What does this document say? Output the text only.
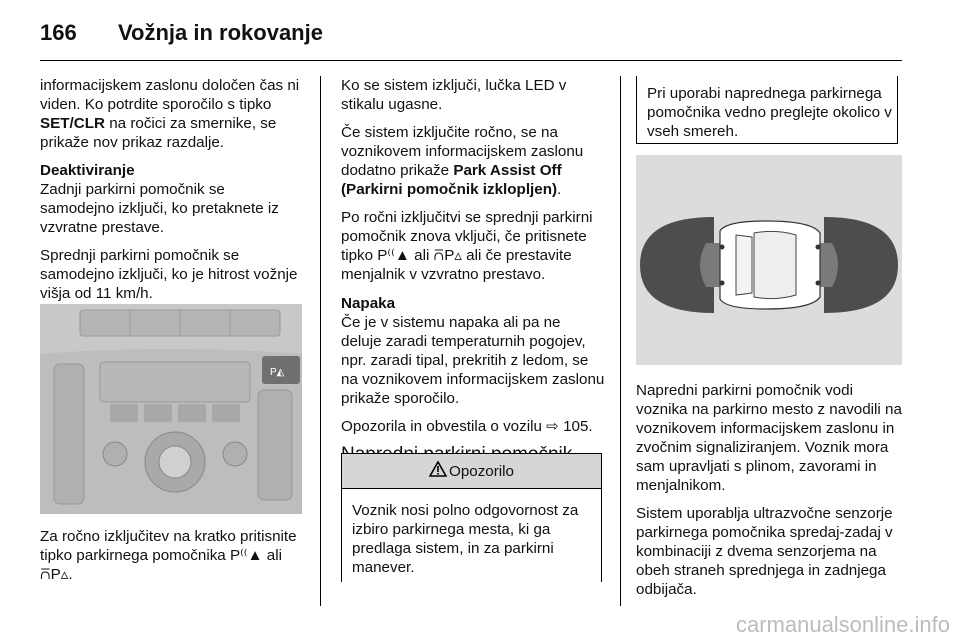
166 Vožnja in rokovanje

informacijskem zaslonu določen čas ni viden. Ko potrdite sporočilo s tipko SET/CLR na ročici za smernike, se prikaže nov prikaz razdalje.

Deaktiviranje

Zadnji parkirni pomočnik se samodejno izključi, ko pretaknete iz vzvratne prestave.

Sprednji parkirni pomočnik se samodejno izključi, ko je hitrost vožnje višja od 11 km/h.

P◭
Za ročno izključitev na kratko pritisnite tipko parkirnega pomočnika P⁽⁽▲ ali ⩃P▵.

Ko se sistem izključi, lučka LED v stikalu ugasne.

Če sistem izključite ročno, se na voznikovem informacijskem zaslonu dodatno prikaže Park Assist Off (Parkirni pomočnik izklopljen).

Po ročni izključitvi se sprednji parkirni pomočnik znova vključi, če pritisnete tipko P⁽⁽▲ ali ⩃P▵ ali če prestavite menjalnik v vzvratno prestavo.

Napaka

Če je v sistemu napaka ali pa ne deluje zaradi temperaturnih pogojev, npr. zaradi tipal, prekritih z ledom, se na voznikovem informacijskem zaslonu prikaže sporočilo.

Opozorila in obvestila o vozilu ⇨ 105.

Opozorilo
Voznik nosi polno odgovornost za izbiro parkirnega mesta, ki ga predlaga sistem, in za parkirni manever.
Pri uporabi naprednega parkirnega pomočnika vedno preglejte okolico v vseh smereh.

Napredni parkirni pomočnik vodi voznika na parkirno mesto z navodili na voznikovem informacijskem zaslonu in zvočnim signaliziranjem. Voznik mora sam upravljati s plinom, zavorami in menjalnikom.

Sistem uporablja ultrazvočne senzorje parkirnega pomočnika spredaj-zadaj v kombinaciji z dvema senzorjema na obeh straneh sprednjega in zadnjega odbijača.

carmanualsonline.info
